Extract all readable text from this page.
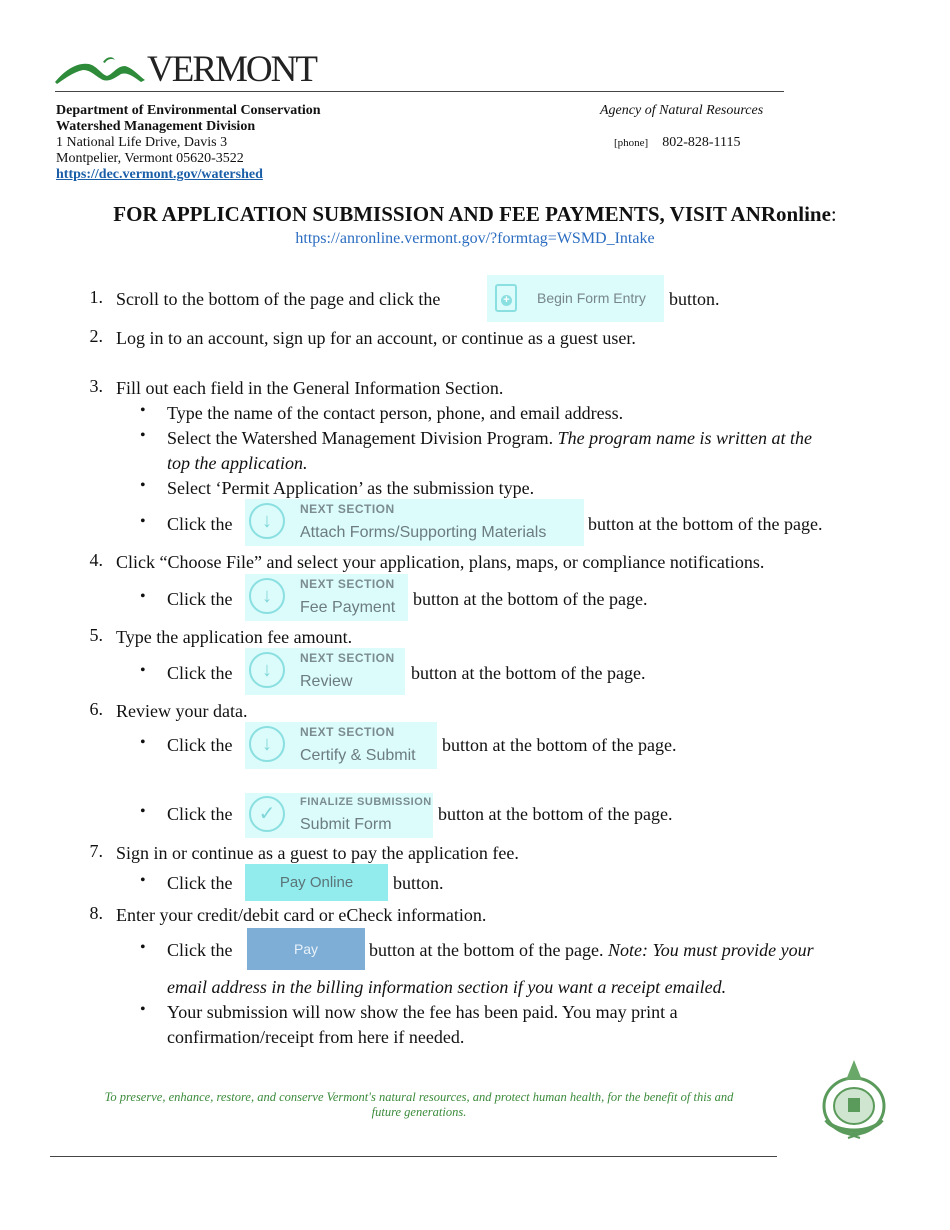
VERMONT
Department of Environmental Conservation
Watershed Management Division
1 National Life Drive, Davis 3
Montpelier, Vermont 05620-3522
https://dec.vermont.gov/watershed
Agency of Natural Resources
[phone] 802-828-1115
FOR APPLICATION SUBMISSION AND FEE PAYMENTS, VISIT ANRonline:
https://anronline.vermont.gov/?formtag=WSMD_Intake
1. Scroll to the bottom of the page and click the	+ Begin Form Entry button.
2. Log in to an account, sign up for an account, or continue as a guest user.
3. Fill out each field in the General Information Section.
• Type the name of the contact person, phone, and email address.
• Select the Watershed Management Division Program. The program name is written at the
top the application.
• Select ‘Permit Application’ as the submission type.
• Click the	↓
NEXT SECTION
Attach Forms/Supporting Materials button at the bottom of the page.
4. Click “Choose File” and select your application, plans, maps, or compliance notifications.
• Click the	↓
NEXT SECTION
Fee Payment button at the bottom of the page.
5. Type the application fee amount.
• Click the	↓
NEXT SECTION
Review	button at the bottom of the page.
6. Review your data.
• Click the	↓
NEXT SECTION
Certify & Submit
button at the bottom of the page.
• Click the	✓
FINALIZE SUBMISSION
Submit Form
button at the bottom of the page.
7. Sign in or continue as a guest to pay the application fee.
• Click the	Pay Online	button.
8. Enter your credit/debit card or eCheck information.
• Click the	Pay	button at the bottom of the page. Note: You must provide your
email address in the billing information section if you want a receipt emailed.
• Your submission will now show the fee has been paid. You may print a
confirmation/receipt from here if needed.
To preserve, enhance, restore, and conserve Vermont's natural resources, and protect human health, for the benefit of this and
future generations.
